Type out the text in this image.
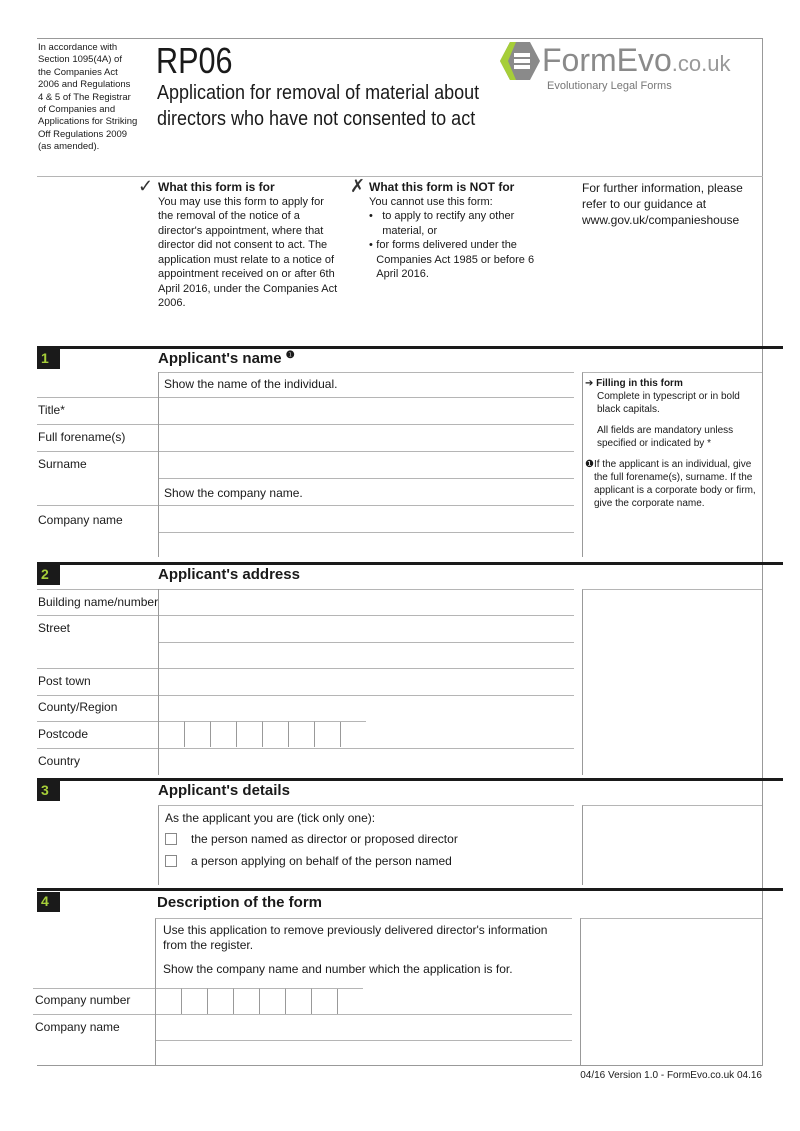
In accordance with
Section 1095(4A) of
the Companies Act
2006 and Regulations
4 & 5 of The Registrar
of Companies and
Applications for Striking
Off Regulations 2009
(as amended).
RP06
Application for removal of material about
directors who have not consented to act
FormEvo.co.uk
Evolutionary Legal Forms
✓ What this form is for
You may use this form to apply for the removal of the notice of a director's appointment, where that director did not consent to act. The application must relate to a notice of appointment received on or after 6th April 2016, under the Companies Act 2006.
✗ What this form is NOT for
You cannot use this form:
• to apply to rectify any other material, or
• for forms delivered under the Companies Act 1985 or before 6 April 2016.
For further information, please refer to our guidance at www.gov.uk/companieshouse
1	Applicant's name $^❶$
Show the name of the individual.
Title*
Full forename(s)
Surname
Show the company name.
Company name
➔ Filling in this form
Complete in typescript or in bold black capitals.
All fields are mandatory unless specified or indicated by *
❶ If the applicant is an individual, give the full forename(s), surname. If the applicant is a corporate body or firm, give the corporate name.
2	Applicant's address
Building name/number
Street
Post town
County/Region
Postcode
Country
3	Applicant's details
As the applicant you are (tick only one):
the person named as director or proposed director
a person applying on behalf of the person named
4	Description of the form
Use this application to remove previously delivered director's information from the register.
Show the company name and number which the application is for.
Company number
Company name
04/16 Version 1.0 - FormEvo.co.uk 04.16
